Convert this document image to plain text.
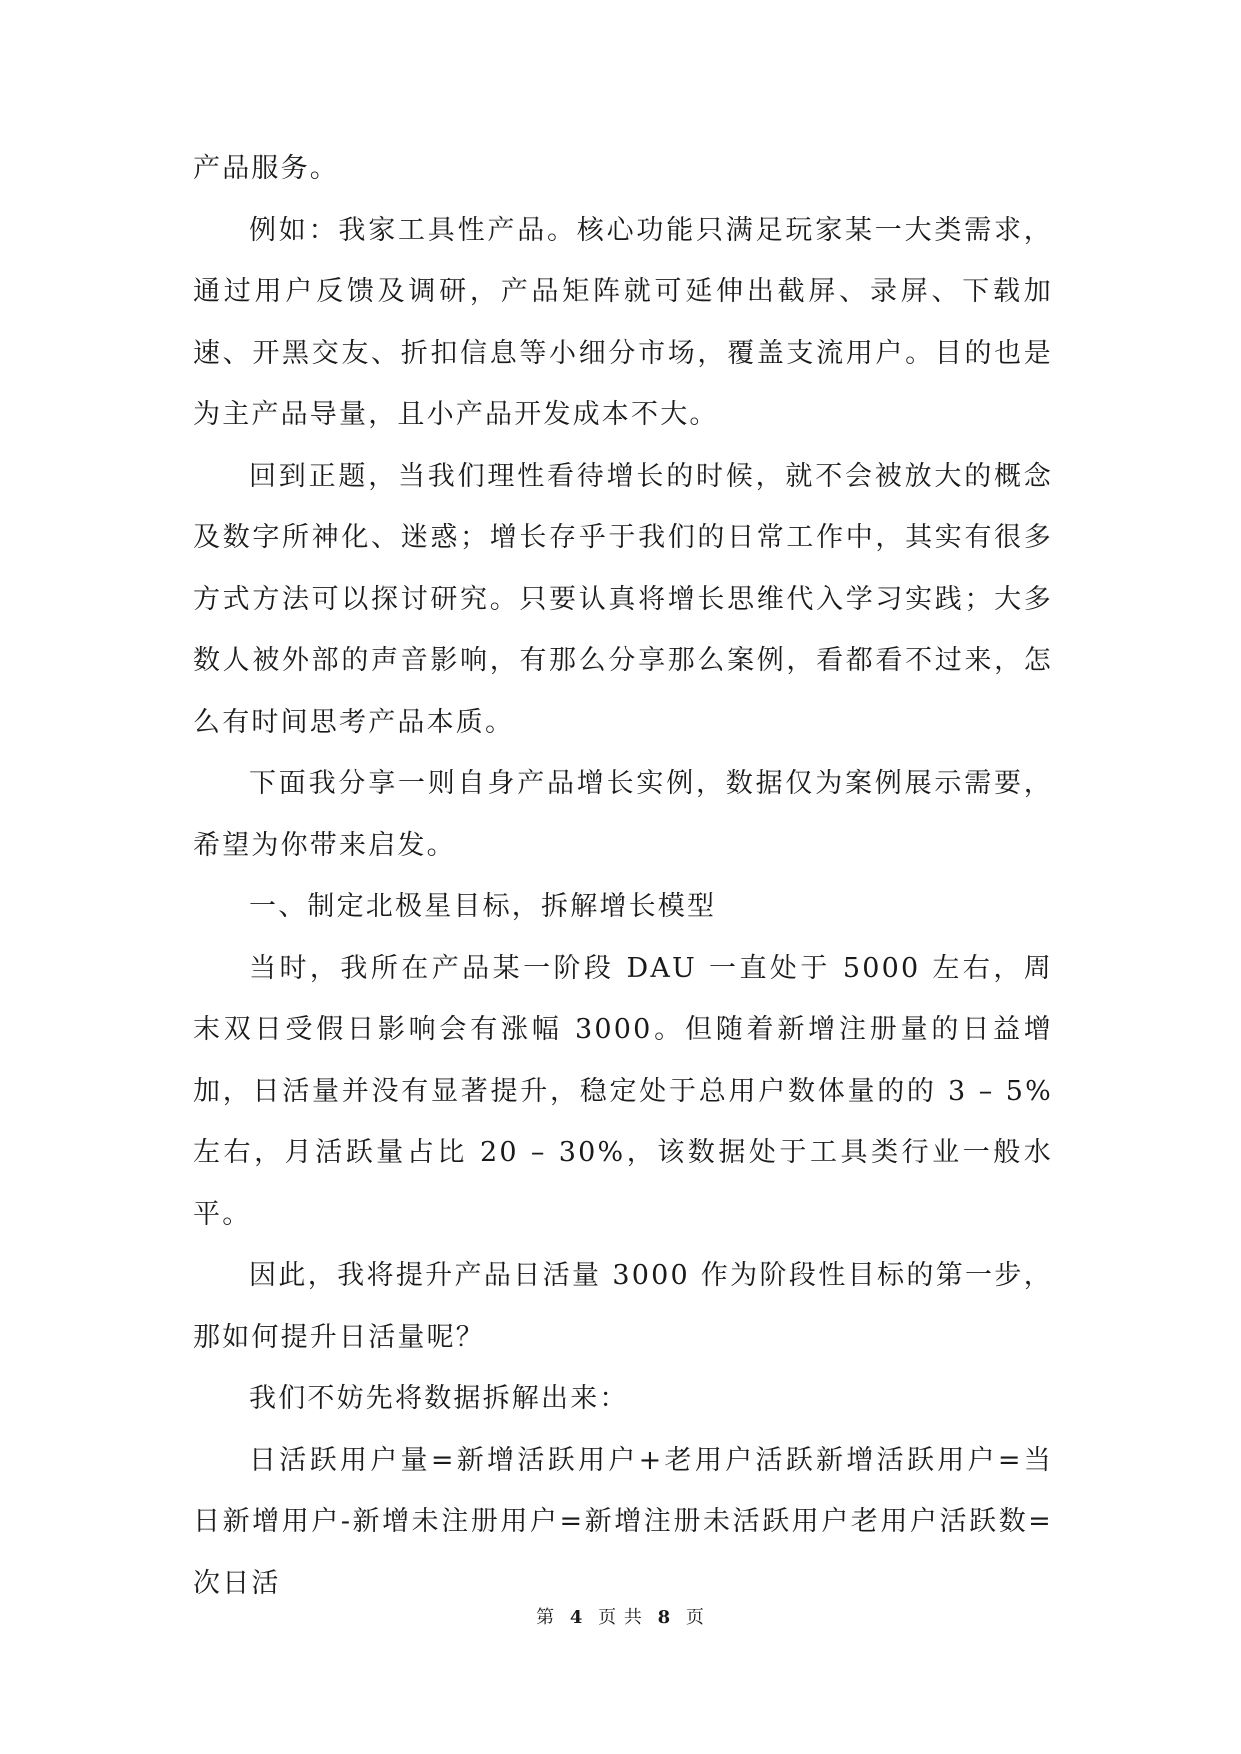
产品服务。

例如：我家工具性产品。核心功能只满足玩家某一大类需求，通过用户反馈及调研，产品矩阵就可延伸出截屏、录屏、下载加速、开黑交友、折扣信息等小细分市场，覆盖支流用户。目的也是为主产品导量，且小产品开发成本不大。

回到正题，当我们理性看待增长的时候，就不会被放大的概念及数字所神化、迷惑；增长存乎于我们的日常工作中，其实有很多方式方法可以探讨研究。只要认真将增长思维代入学习实践；大多数人被外部的声音影响，有那么分享那么案例，看都看不过来，怎么有时间思考产品本质。

下面我分享一则自身产品增长实例，数据仅为案例展示需要，希望为你带来启发。

一、制定北极星目标，拆解增长模型

当时，我所在产品某一阶段 DAU 一直处于 5000 左右，周末双日受假日影响会有涨幅 3000。但随着新增注册量的日益增加，日活量并没有显著提升，稳定处于总用户数体量的的 3 – 5%左右，月活跃量占比 20 – 30%，该数据处于工具类行业一般水平。

因此，我将提升产品日活量 3000 作为阶段性目标的第一步，那如何提升日活量呢？

我们不妨先将数据拆解出来：

日活跃用户量=新增活跃用户+老用户活跃新增活跃用户=当日新增用户-新增未注册用户=新增注册未活跃用户老用户活跃数=次日活

第 4 页 共 8 页
